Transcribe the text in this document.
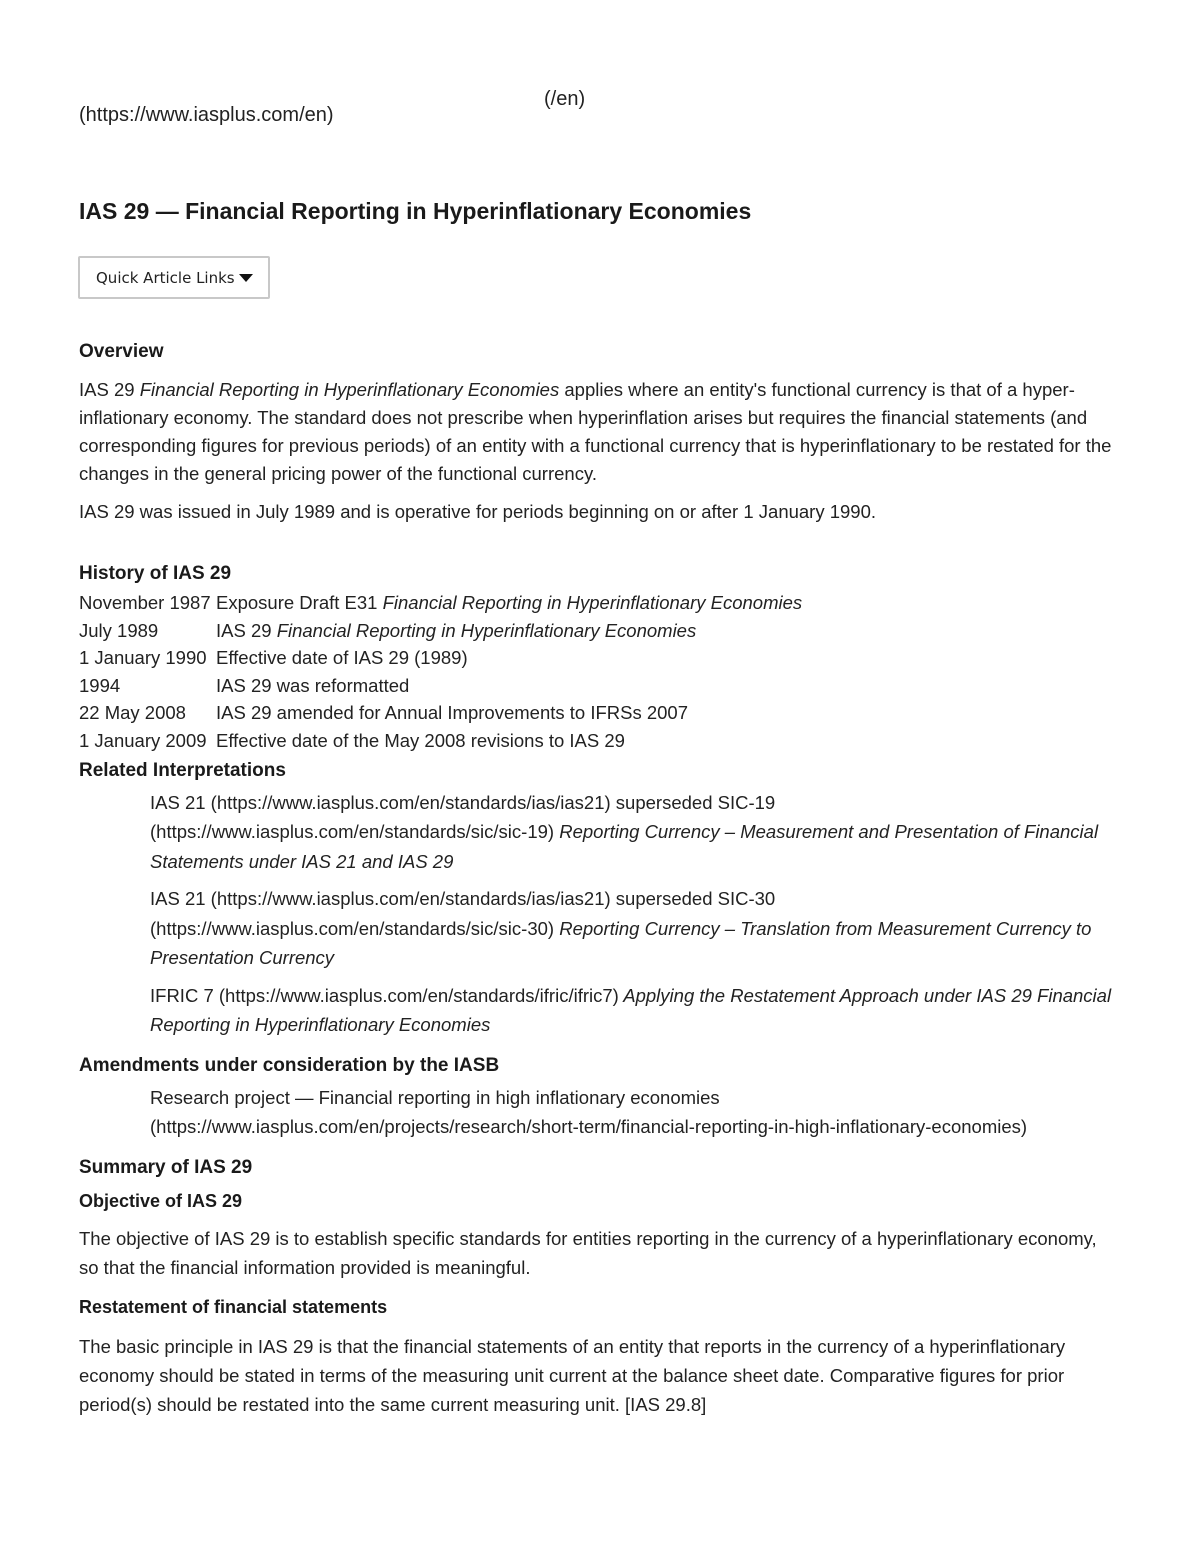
(https://www.iasplus.com/en)
(/en)
IAS 29 — Financial Reporting in Hyperinflationary Economies
Quick Article Links
Overview

IAS 29 Financial Reporting in Hyperinflationary Economies applies where an entity's functional currency is that of a hyperinflationary economy. The standard does not prescribe when hyperinflation arises but requires the financial statements (and corresponding figures for previous periods) of an entity with a functional currency that is hyperinflationary to be restated for the changes in the general pricing power of the functional currency.

IAS 29 was issued in July 1989 and is operative for periods beginning on or after 1 January 1990.

History of IAS 29
November 1987	Exposure Draft E31 Financial Reporting in Hyperinflationary Economies
July 1989	IAS 29 Financial Reporting in Hyperinflationary Economies
1 January 1990	Effective date of IAS 29 (1989)
1994	IAS 29 was reformatted
22 May 2008	IAS 29 amended for Annual Improvements to IFRSs 2007
1 January 2009	Effective date of the May 2008 revisions to IAS 29
Related Interpretations
IAS 21 (https://www.iasplus.com/en/standards/ias/ias21) superseded SIC-19 (https://www.iasplus.com/en/standards/sic/sic-19) Reporting Currency – Measurement and Presentation of Financial Statements under IAS 21 and IAS 29
IAS 21 (https://www.iasplus.com/en/standards/ias/ias21) superseded SIC-30 (https://www.iasplus.com/en/standards/sic/sic-30) Reporting Currency – Translation from Measurement Currency to Presentation Currency
IFRIC 7 (https://www.iasplus.com/en/standards/ifric/ifric7) Applying the Restatement Approach under IAS 29 Financial Reporting in Hyperinflationary Economies
Amendments under consideration by the IASB
Research project — Financial reporting in high inflationary economies (https://www.iasplus.com/en/projects/research/short-term/financial-reporting-in-high-inflationary-economies)
Summary of IAS 29
Objective of IAS 29

The objective of IAS 29 is to establish specific standards for entities reporting in the currency of a hyperinflationary economy, so that the financial information provided is meaningful.

Restatement of financial statements

The basic principle in IAS 29 is that the financial statements of an entity that reports in the currency of a hyperinflationary economy should be stated in terms of the measuring unit current at the balance sheet date. Comparative figures for prior period(s) should be restated into the same current measuring unit. [IAS 29.8]
